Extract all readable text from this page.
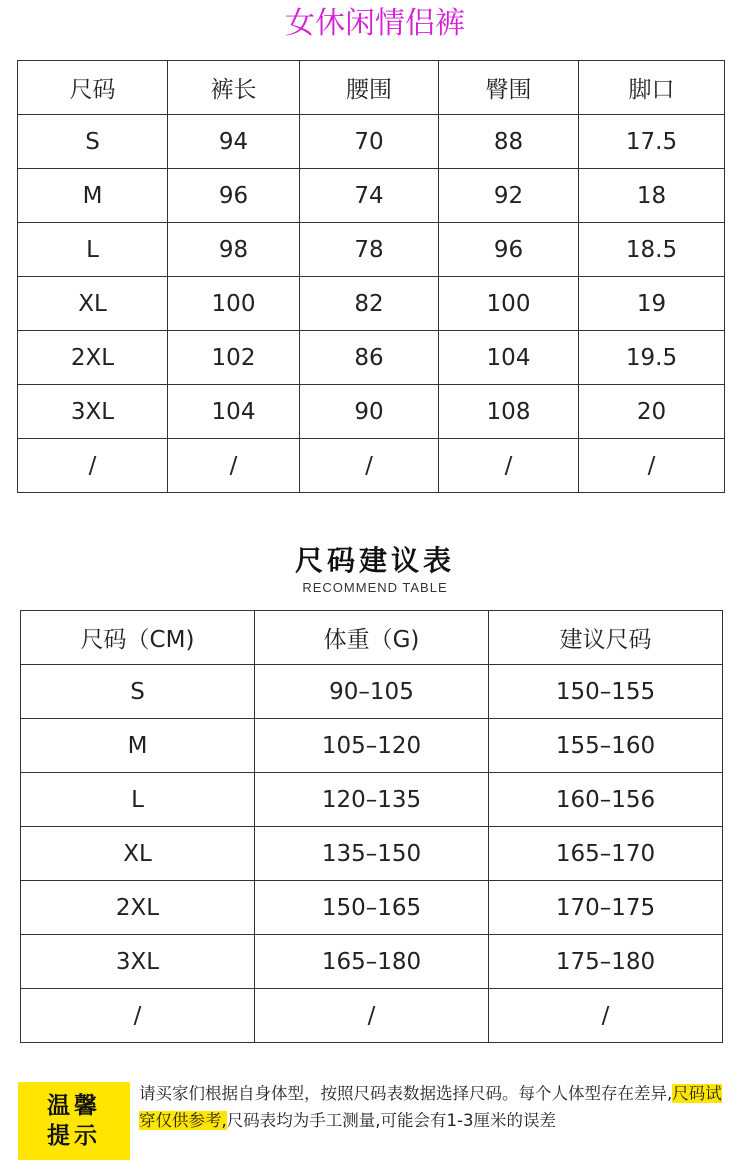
女休闲情侣裤
尺码	裤长	腰围	臀围	脚口
S	94	70	88	17.5
M	96	74	92	18
L	98	78	96	18.5
XL	100	82	100	19
2XL	102	86	104	19.5
3XL	104	90	108	20
/	/	/	/	/
尺码建议表
RECOMMEND TABLE
尺码（CM)	体重（G)	建议尺码
S	90–105	150–155
M	105–120	155–160
L	120–135	160–156
XL	135–150	165–170
2XL	150–165	170–175
3XL	165–180	175–180
/	/	/
温馨
提示
请买家们根据自身体型，按照尺码表数据选择尺码。每个人体型存在差异,尺码试穿仅供参考,尺码表均为手工测量,可能会有1-3厘米的误差
